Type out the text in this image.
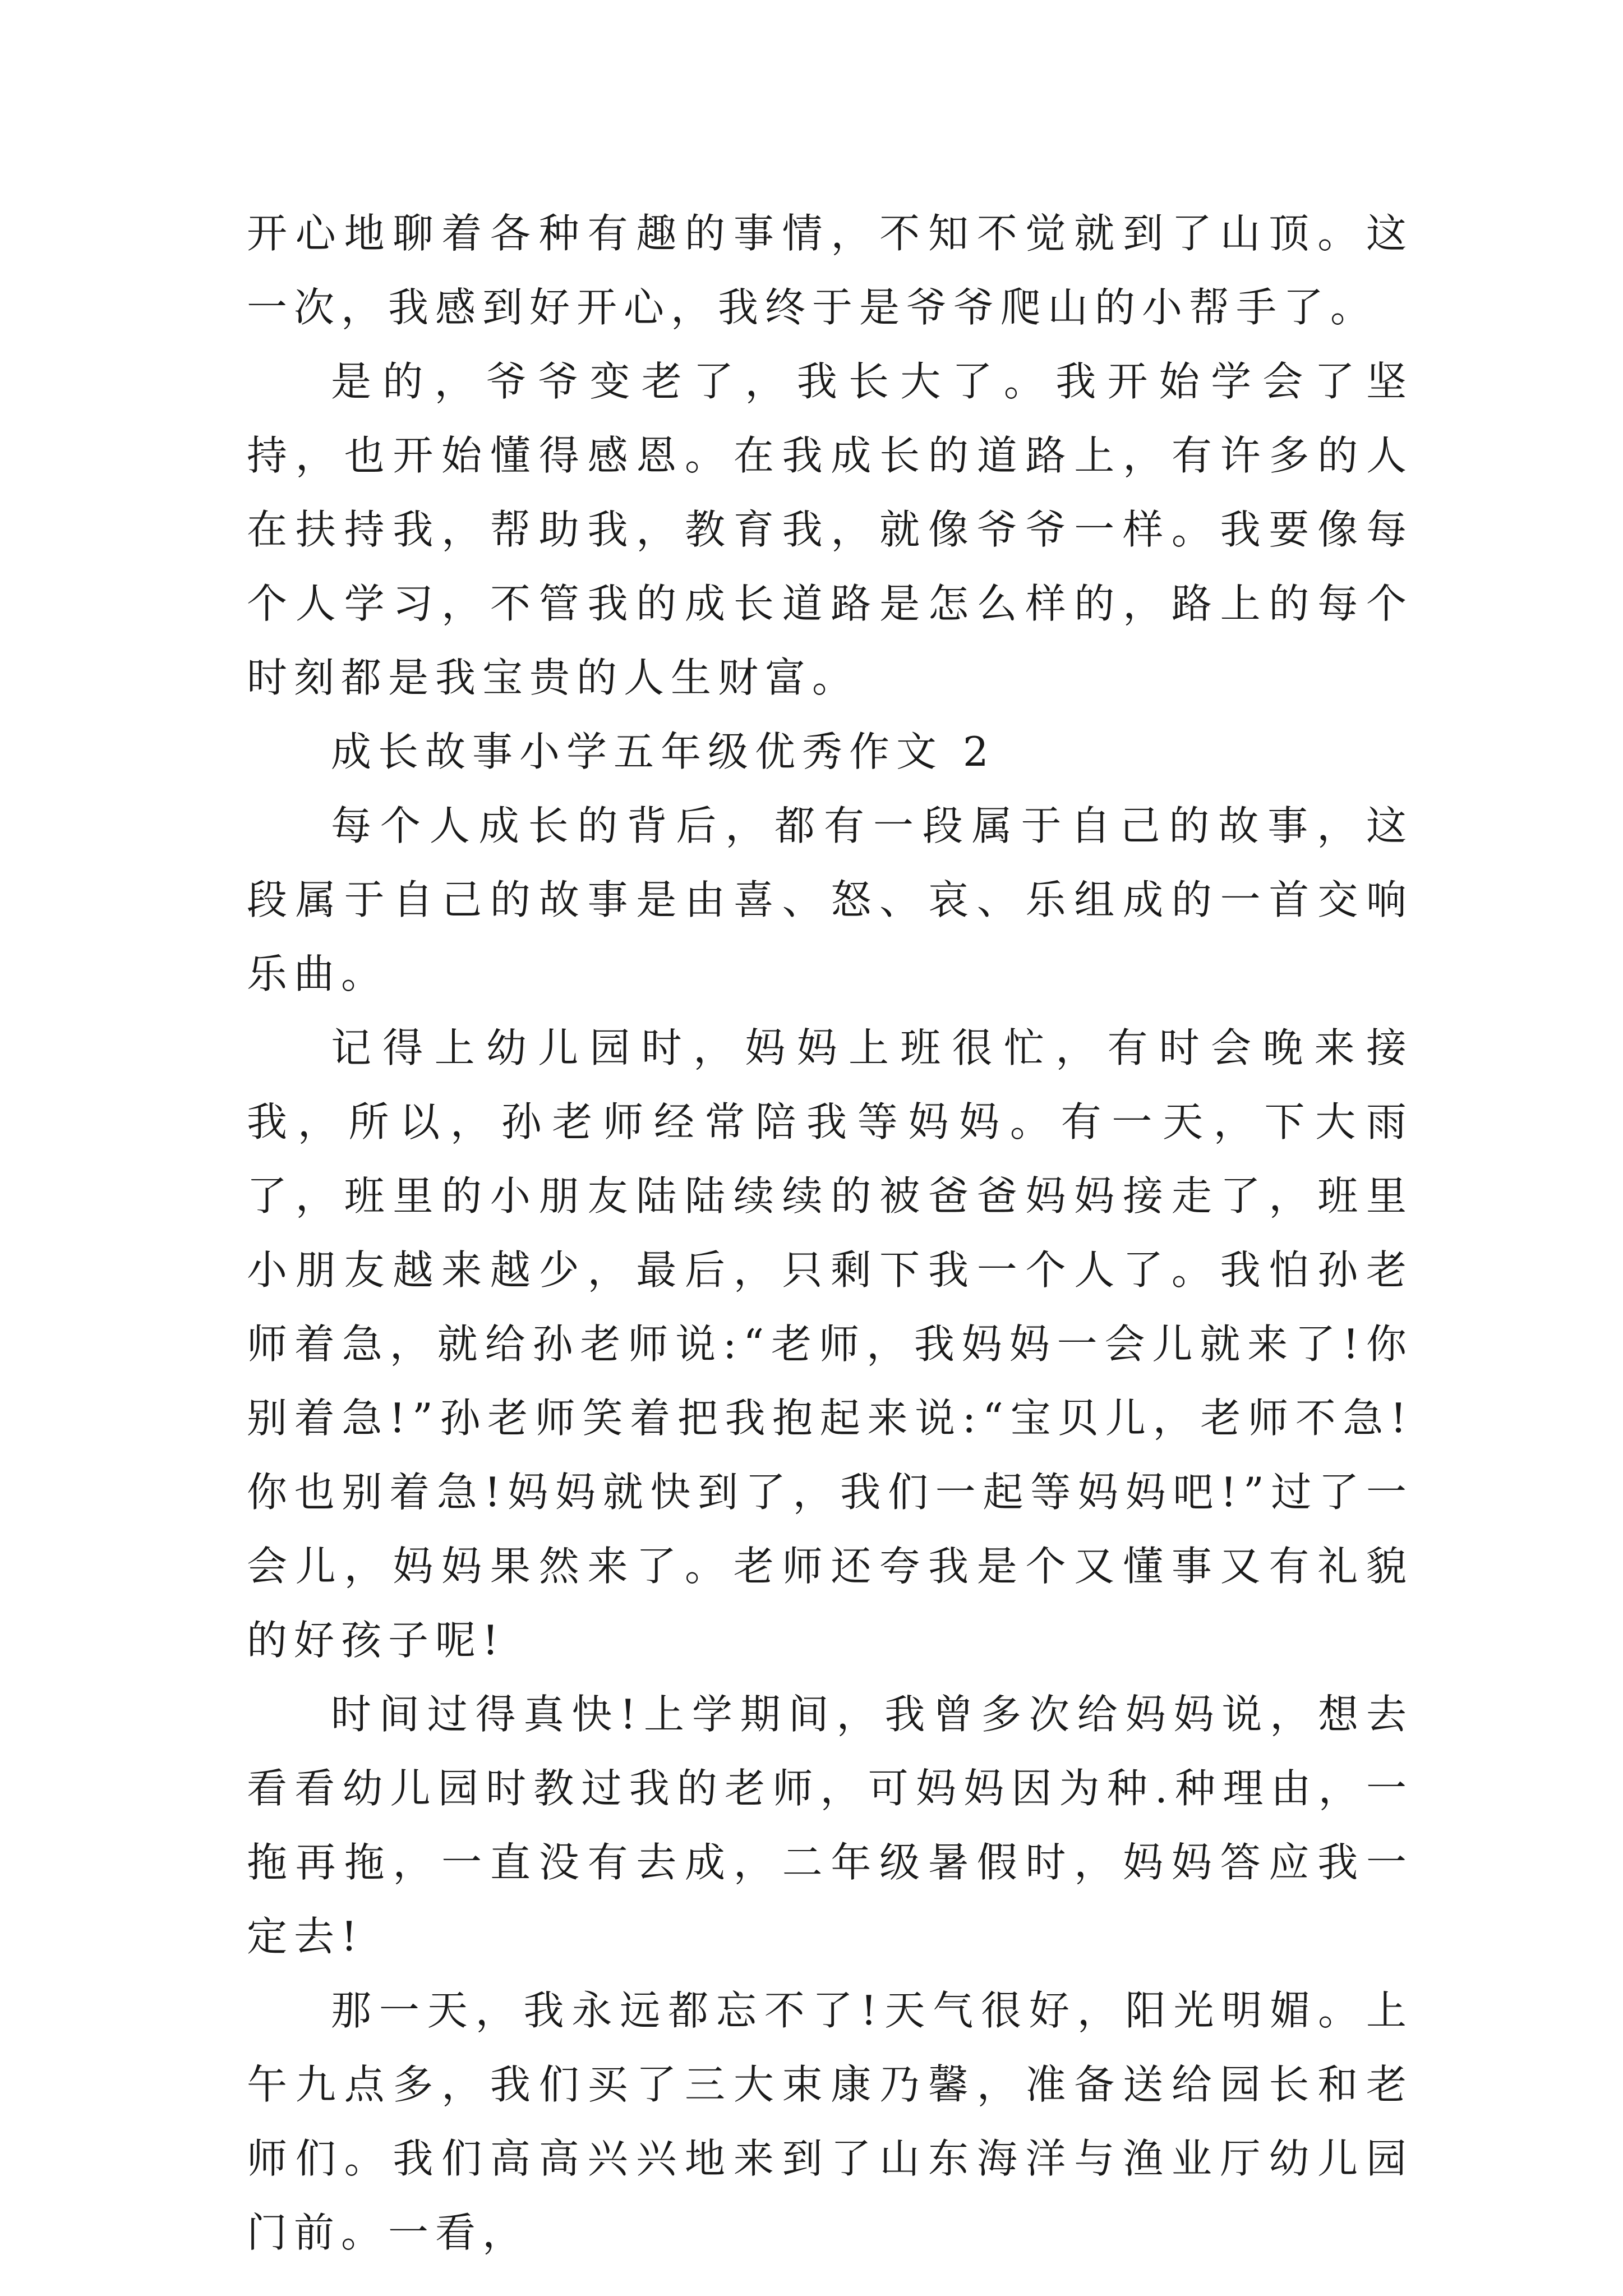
开心地聊着各种有趣的事情，不知不觉就到了山顶。这一次，我感到好开心，我终于是爷爷爬山的小帮手了。

是的，爷爷变老了，我长大了。我开始学会了坚持，也开始懂得感恩。在我成长的道路上，有许多的人在扶持我，帮助我，教育我，就像爷爷一样。我要像每个人学习，不管我的成长道路是怎么样的，路上的每个时刻都是我宝贵的人生财富。

成长故事小学五年级优秀作文 2

每个人成长的背后，都有一段属于自己的故事，这段属于自己的故事是由喜、怒、哀、乐组成的一首交响乐曲。

记得上幼儿园时，妈妈上班很忙，有时会晚来接我，所以，孙老师经常陪我等妈妈。有一天，下大雨了，班里的小朋友陆陆续续的被爸爸妈妈接走了，班里小朋友越来越少，最后，只剩下我一个人了。我怕孙老师着急，就给孙老师说:“老师，我妈妈一会儿就来了!你别着急!”孙老师笑着把我抱起来说:“宝贝儿，老师不急!你也别着急!妈妈就快到了，我们一起等妈妈吧!”过了一会儿，妈妈果然来了。老师还夸我是个又懂事又有礼貌的好孩子呢!

时间过得真快!上学期间，我曾多次给妈妈说，想去看看幼儿园时教过我的老师，可妈妈因为种.种理由，一拖再拖，一直没有去成，二年级暑假时，妈妈答应我一定去!

那一天，我永远都忘不了!天气很好，阳光明媚。上午九点多，我们买了三大束康乃馨，准备送给园长和老师们。我们高高兴兴地来到了山东海洋与渔业厅幼儿园门前。一看，
